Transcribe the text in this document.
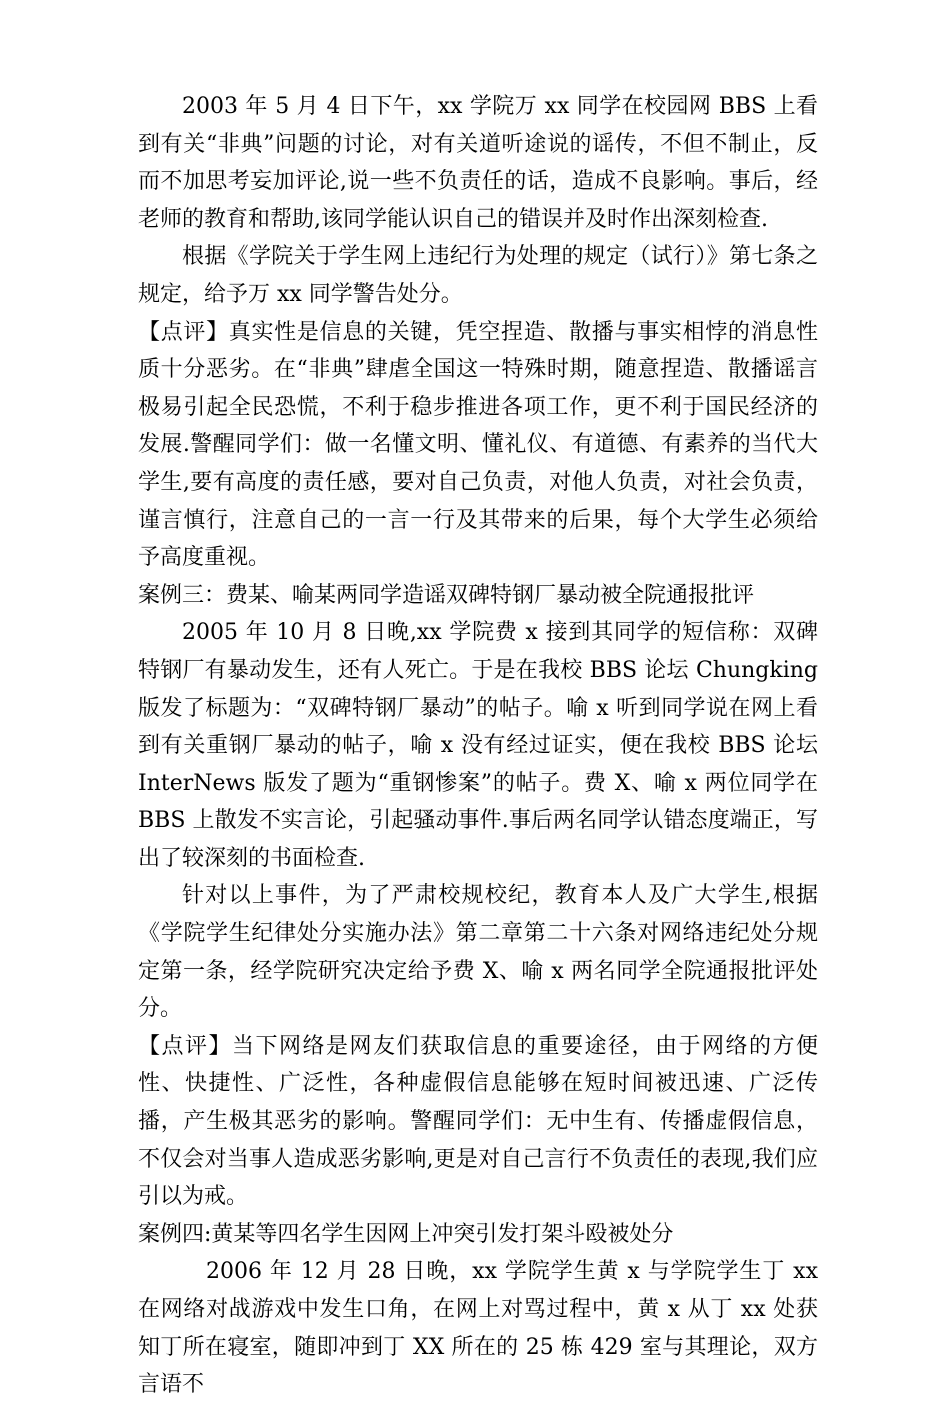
2003 年 5 月 4 日下午，xx 学院万 xx 同学在校园网 BBS 上看到有关“非典”问题的讨论，对有关道听途说的谣传，不但不制止，反而不加思考妄加评论,说一些不负责任的话，造成不良影响。事后，经老师的教育和帮助,该同学能认识自己的错误并及时作出深刻检查.

根据《学院关于学生网上违纪行为处理的规定（试行）》第七条之规定，给予万 xx 同学警告处分。

【点评】真实性是信息的关键，凭空捏造、散播与事实相悖的消息性质十分恶劣。在“非典”肆虐全国这一特殊时期，随意捏造、散播谣言极易引起全民恐慌，不利于稳步推进各项工作，更不利于国民经济的发展.警醒同学们：做一名懂文明、懂礼仪、有道德、有素养的当代大学生,要有高度的责任感，要对自己负责，对他人负责，对社会负责，谨言慎行，注意自己的一言一行及其带来的后果，每个大学生必须给予高度重视。

案例三：费某、喻某两同学造谣双碑特钢厂暴动被全院通报批评

2005 年 10 月 8 日晚,xx 学院费 x 接到其同学的短信称：双碑特钢厂有暴动发生，还有人死亡。于是在我校 BBS 论坛 Chungking 版发了标题为：“双碑特钢厂暴动”的帖子。喻 x 听到同学说在网上看到有关重钢厂暴动的帖子，喻 x 没有经过证实，便在我校 BBS 论坛 InterNews 版发了题为“重钢惨案”的帖子。费 X、喻 x 两位同学在 BBS 上散发不实言论，引起骚动事件.事后两名同学认错态度端正，写出了较深刻的书面检查.

针对以上事件，为了严肃校规校纪，教育本人及广大学生,根据《学院学生纪律处分实施办法》第二章第二十六条对网络违纪处分规定第一条，经学院研究决定给予费 X、喻 x 两名同学全院通报批评处分。

【点评】当下网络是网友们获取信息的重要途径，由于网络的方便性、快捷性、广泛性，各种虚假信息能够在短时间被迅速、广泛传播，产生极其恶劣的影响。警醒同学们：无中生有、传播虚假信息，不仅会对当事人造成恶劣影响,更是对自己言行不负责任的表现,我们应引以为戒。

案例四:黄某等四名学生因网上冲突引发打架斗殴被处分

2006 年 12 月 28 日晚，xx 学院学生黄 x 与学院学生丁 xx 在网络对战游戏中发生口角，在网上对骂过程中，黄 x 从丁 xx 处获知丁所在寝室，随即冲到丁 XX 所在的 25 栋 429 室与其理论，双方言语不
